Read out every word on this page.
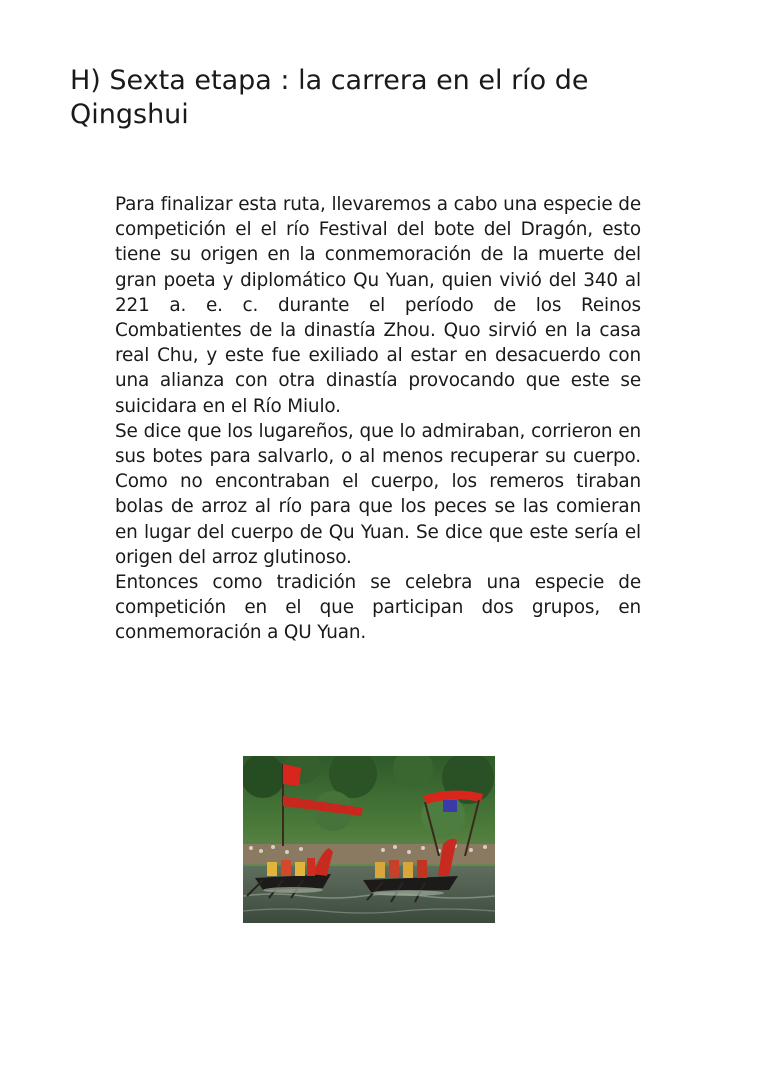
H) Sexta etapa : la carrera en el río de Qingshui

Para finalizar esta ruta, llevaremos a cabo una especie de competición el el río Festival del bote del Dragón, esto tiene su origen en la conmemoración de la muerte del gran poeta y diplomático Qu Yuan, quien vivió del 340 al 221 a. e. c. durante el período de los Reinos Combatientes de la dinastía Zhou. Quo sirvió en la casa real Chu, y este fue exiliado al estar en desacuerdo con una alianza con otra dinastía provocando que este se suicidara en el Río Miulo.

Se dice que los lugareños, que lo admiraban, corrieron en sus botes para salvarlo, o al menos recuperar su cuerpo. Como no encontraban el cuerpo, los remeros tiraban bolas de arroz al río para que los peces se las comieran en lugar del cuerpo de Qu Yuan. Se dice que este sería el origen del arroz glutinoso.

Entonces como tradición se celebra una especie de competición en el que participan dos grupos, en conmemoración a QU Yuan.
